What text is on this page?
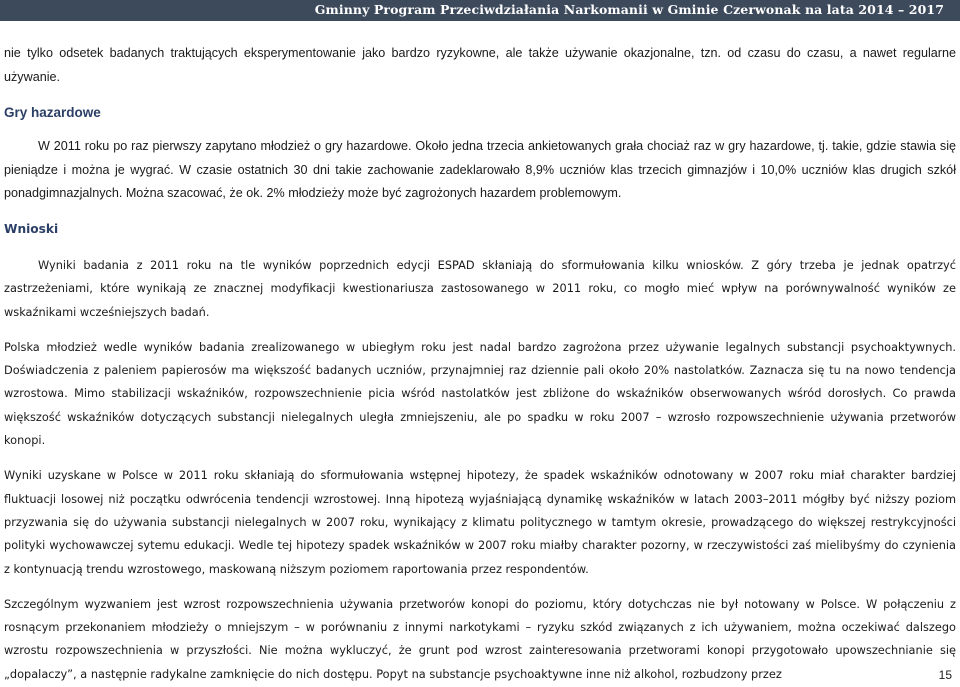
Gminny Program Przeciwdziałania Narkomanii w Gminie Czerwonak na lata 2014 – 2017

nie tylko odsetek badanych traktujących eksperymentowanie jako bardzo ryzykowne, ale także używanie okazjonalne, tzn. od czasu do czasu, a nawet regularne używanie.

Gry hazardowe

W 2011 roku po raz pierwszy zapytano młodzież o gry hazardowe. Około jedna trzecia ankietowanych grała chociaż raz w gry hazardowe, tj. takie, gdzie stawia się pieniądze i można je wygrać. W czasie ostatnich 30 dni takie zachowanie zadeklarowało 8,9% uczniów klas trzecich gimnazjów i 10,0% uczniów klas drugich szkół ponadgimnazjalnych. Można szacować, że ok. 2% młodzieży może być zagrożonych hazardem problemowym.

Wnioski

Wyniki badania z 2011 roku na tle wyników poprzednich edycji ESPAD skłaniają do sformułowania kilku wniosków. Z góry trzeba je jednak opatrzyć zastrzeżeniami, które wynikają ze znacznej modyfikacji kwestionariusza zastosowanego w 2011 roku, co mogło mieć wpływ na porównywalność wyników ze wskaźnikami wcześniejszych badań.

Polska młodzież wedle wyników badania zrealizowanego w ubiegłym roku jest nadal bardzo zagrożona przez używanie legalnych substancji psychoaktywnych. Doświadczenia z paleniem papierosów ma większość badanych uczniów, przynajmniej raz dziennie pali około 20% nastolatków. Zaznacza się tu na nowo tendencja wzrostowa. Mimo stabilizacji wskaźników, rozpowszechnienie picia wśród nastolatków jest zbliżone do wskaźników obserwowanych wśród dorosłych. Co prawda większość wskaźników dotyczących substancji nielegalnych uległa zmniejszeniu, ale po spadku w roku 2007 – wzrosło rozpowszechnienie używania przetworów konopi.

Wyniki uzyskane w Polsce w 2011 roku skłaniają do sformułowania wstępnej hipotezy, że spadek wskaźników odnotowany w 2007 roku miał charakter bardziej fluktuacji losowej niż początku odwrócenia tendencji wzrostowej. Inną hipotezą wyjaśniającą dynamikę wskaźników w latach 2003–2011 mógłby być niższy poziom przyzwania się do używania substancji nielegalnych w 2007 roku, wynikający z klimatu politycznego w tamtym okresie, prowadzącego do większej restrykcyjności polityki wychowawczej sytemu edukacji. Wedle tej hipotezy spadek wskaźników w 2007 roku miałby charakter pozorny, w rzeczywistości zaś mielibyśmy do czynienia z kontynuacją trendu wzrostowego, maskowaną niższym poziomem raportowania przez respondentów.

Szczególnym wyzwaniem jest wzrost rozpowszechnienia używania przetworów konopi do poziomu, który dotychczas nie był notowany w Polsce. W połączeniu z rosnącym przekonaniem młodzieży o mniejszym – w porównaniu z innymi narkotykami – ryzyku szkód związanych z ich używaniem, można oczekiwać dalszego wzrostu rozpowszechnienia w przyszłości. Nie można wykluczyć, że grunt pod wzrost zainteresowania przetworami konopi przygotowało upowszechnianie się „dopalaczy”, a następnie radykalne zamknięcie do nich dostępu. Popyt na substancje psychoaktywne inne niż alkohol, rozbudzony przez	15
